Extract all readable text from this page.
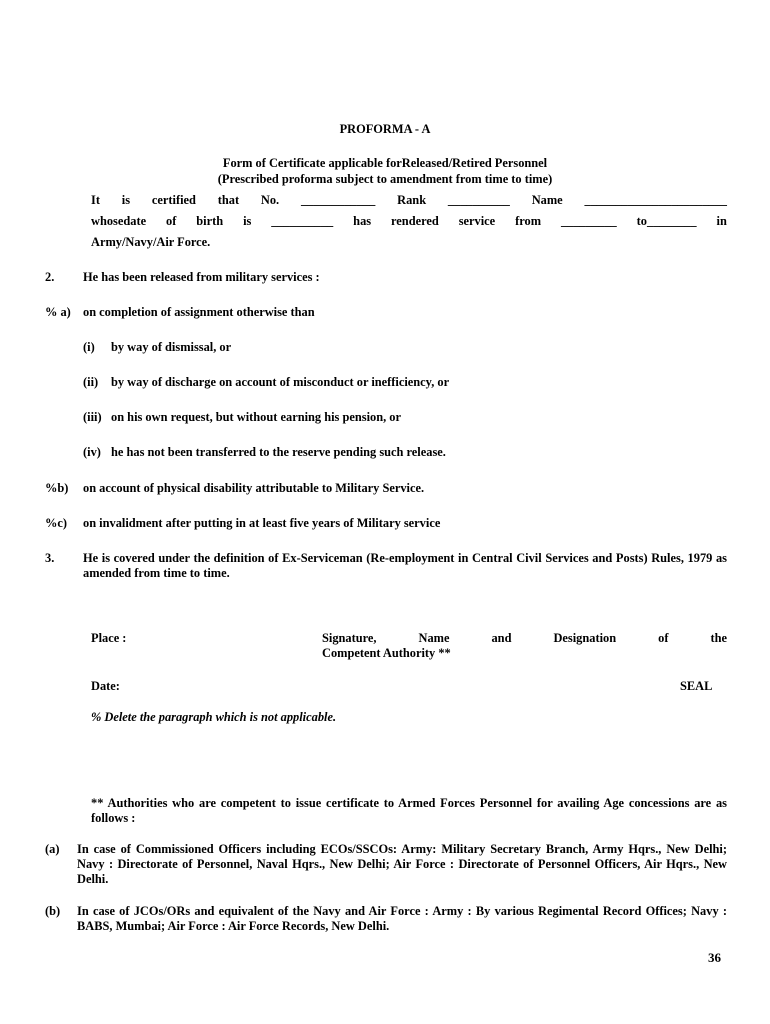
PROFORMA - A
Form of Certificate applicable forReleased/Retired Personnel
(Prescribed proforma subject to amendment from time to time)
It is certified that No. ____________ Rank __________ Name _______________________
whosedate of birth is __________ has rendered service from _________ to________ in
Army/Navy/Air Force.
2. He has been released from military services :
% a) on completion of assignment otherwise than
(i) by way of dismissal, or
(ii) by way of discharge on account of misconduct or inefficiency, or
(iii) on his own request, but without earning his pension, or
(iv) he has not been transferred to the reserve pending such release.
%b) on account of physical disability attributable to Military Service.
%c) on invalidment after putting in at least five years of Military service
3. He is covered under the definition of Ex-Serviceman (Re-employment in Central Civil Services and Posts) Rules, 1979 as amended from time to time.
Place :	Signature,	Name	and	Designation	of	the
Competent Authority **
Date:	SEAL
% Delete the paragraph which is not applicable.
** Authorities who are competent to issue certificate to Armed Forces Personnel for availing Age concessions are as follows :
(a) In case of Commissioned Officers including ECOs/SSCOs: Army: Military Secretary Branch, Army Hqrs., New Delhi; Navy : Directorate of Personnel, Naval Hqrs., New Delhi; Air Force : Directorate of Personnel Officers, Air Hqrs., New Delhi.
(b) In case of JCOs/ORs and equivalent of the Navy and Air Force : Army : By various Regimental Record Offices; Navy : BABS, Mumbai; Air Force : Air Force Records, New Delhi.
36
